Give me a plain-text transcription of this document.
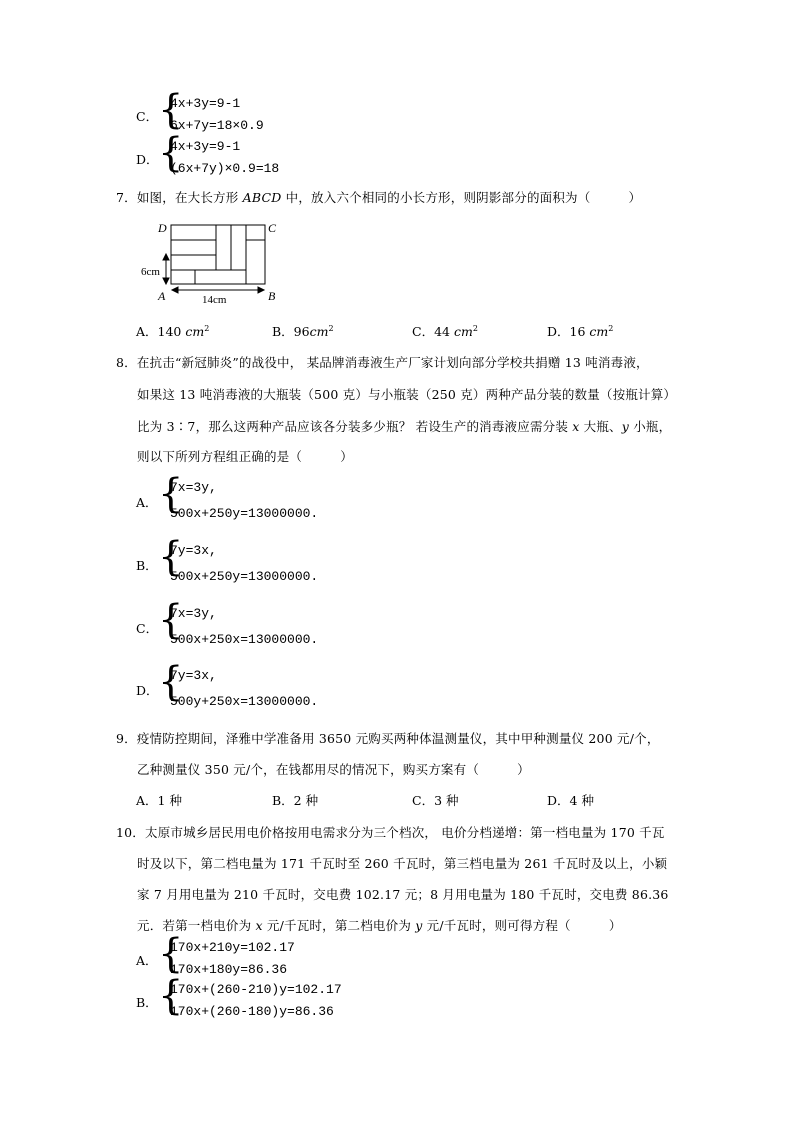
C． {
4x+3y=9-1
6x+7y=18×0.9
D． {
4x+3y=9-1
(6x+7y)×0.9=18
7．如图，在大长方形 ABCD 中，放入六个相同的小长方形，则阴影部分的面积为（　　　）
D	C
A	B
6cm
14cm
A．140 $cm^2$	B．$96cm^2$	C．44 $cm^2$	D．16 $cm^2$
8．在抗击“新冠肺炎”的战役中， 某品牌消毒液生产厂家计划向部分学校共捐赠 13 吨消毒液，
如果这 13 吨消毒液的大瓶装（500 克）与小瓶装（250 克）两种产品分装的数量（按瓶计算）
比为 3∶7，那么这两种产品应该各分装多少瓶？ 若设生产的消毒液应需分装 x 大瓶、y 小瓶，
则以下所列方程组正确的是（　　　）
A． {
7x=3y,
500x+250y=13000000.
B． {
7y=3x,
500x+250y=13000000.
C． {
7x=3y,
500x+250x=13000000.
D． {
7y=3x,
500y+250x=13000000.
9．疫情防控期间，泽雅中学准备用 3650 元购买两种体温测量仪，其中甲种测量仪 200 元/个，
乙种测量仪 350 元/个，在钱都用尽的情况下，购买方案有（　　　）
A．1 种	B．2 种	C．3 种	D．4 种
10．太原市城乡居民用电价格按用电需求分为三个档次， 电价分档递增：第一档电量为 170 千瓦
时及以下，第二档电量为 171 千瓦时至 260 千瓦时，第三档电量为 261 千瓦时及以上，小颖
家 7 月用电量为 210 千瓦时，交电费 102.17 元；8 月用电量为 180 千瓦时，交电费 86.36
元．若第一档电价为 x 元/千瓦时，第二档电价为 y 元/千瓦时，则可得方程（　　　）
A． {
170x+210y=102.17
170x+180y=86.36
B． {
170x+(260-210)y=102.17
170x+(260-180)y=86.36
